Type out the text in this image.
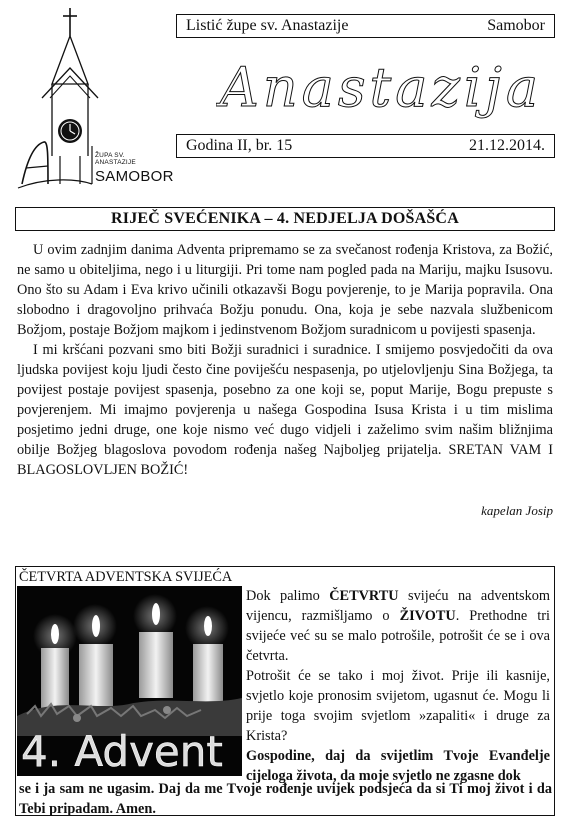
ŽUPA SV.
ANASTAZIJE
SAMOBOR
Listić župe sv. Anastazije	Samobor
Anastazija
Godina II, br. 15	21.12.2014.
RIJEČ SVEĆENIKA – 4. NEDJELJA DOŠAŠĆA

U ovim zadnjim danima Adventa pripremamo se za svečanost rođenja Kristova, za Božić, ne samo u obiteljima, nego i u liturgiji. Pri tome nam pogled pada na Mariju, majku Isusovu. Ono što su Adam i Eva krivo učinili otkazavši Bogu povjerenje, to je Marija popravila. Ona slobodno i dragovoljno prihvaća Božju ponudu. Ona, koja je sebe nazvala službenicom Božjom, postaje Božjom majkom i jedinstvenom Božjom suradnicom u povijesti spasenja.

I mi kršćani pozvani smo biti Božji suradnici i suradnice. I smijemo posvjedočiti da ova ljudska povijest koju ljudi često čine poviješću nespasenja, po utjelovljenju Sina Božjega, ta povijest postaje povijest spasenja, posebno za one koji se, poput Marije, Bogu prepuste s povjerenjem. Mi imajmo povjerenja u našega Gospodina Isusa Krista i u tim mislima posjetimo jedni druge, one koje nismo već dugo vidjeli i zaželimo svim našim bližnjima obilje Božjeg blagoslova povodom rođenja našeg Najboljeg prijatelja. SRETAN VAM I BLAGOSLOVLJEN BOŽIĆ!

kapelan Josip
ČETVRTA ADVENTSKA SVIJEĆA
4. Advent

Dok palimo ČETVRTU svijeću na adventskom vijencu, razmišljamo o ŽIVOTU. Prethodne tri svijeće već su se malo potrošile, potrošit će se i ova četvrta.

Potrošit će se tako i moj život. Prije ili kasnije, svjetlo koje pronosim svijetom, ugasnut će. Mogu li prije toga svojim svjetlom »zapaliti« i druge za Krista?

Gospodine, daj da svijetlim Tvoje Evanđelje cijeloga života, da moje svjetlo ne zgasne dok

se i ja sam ne ugasim. Daj da me Tvoje rođenje uvijek podsjeća da si Ti moj život i da Tebi pripadam. Amen.
